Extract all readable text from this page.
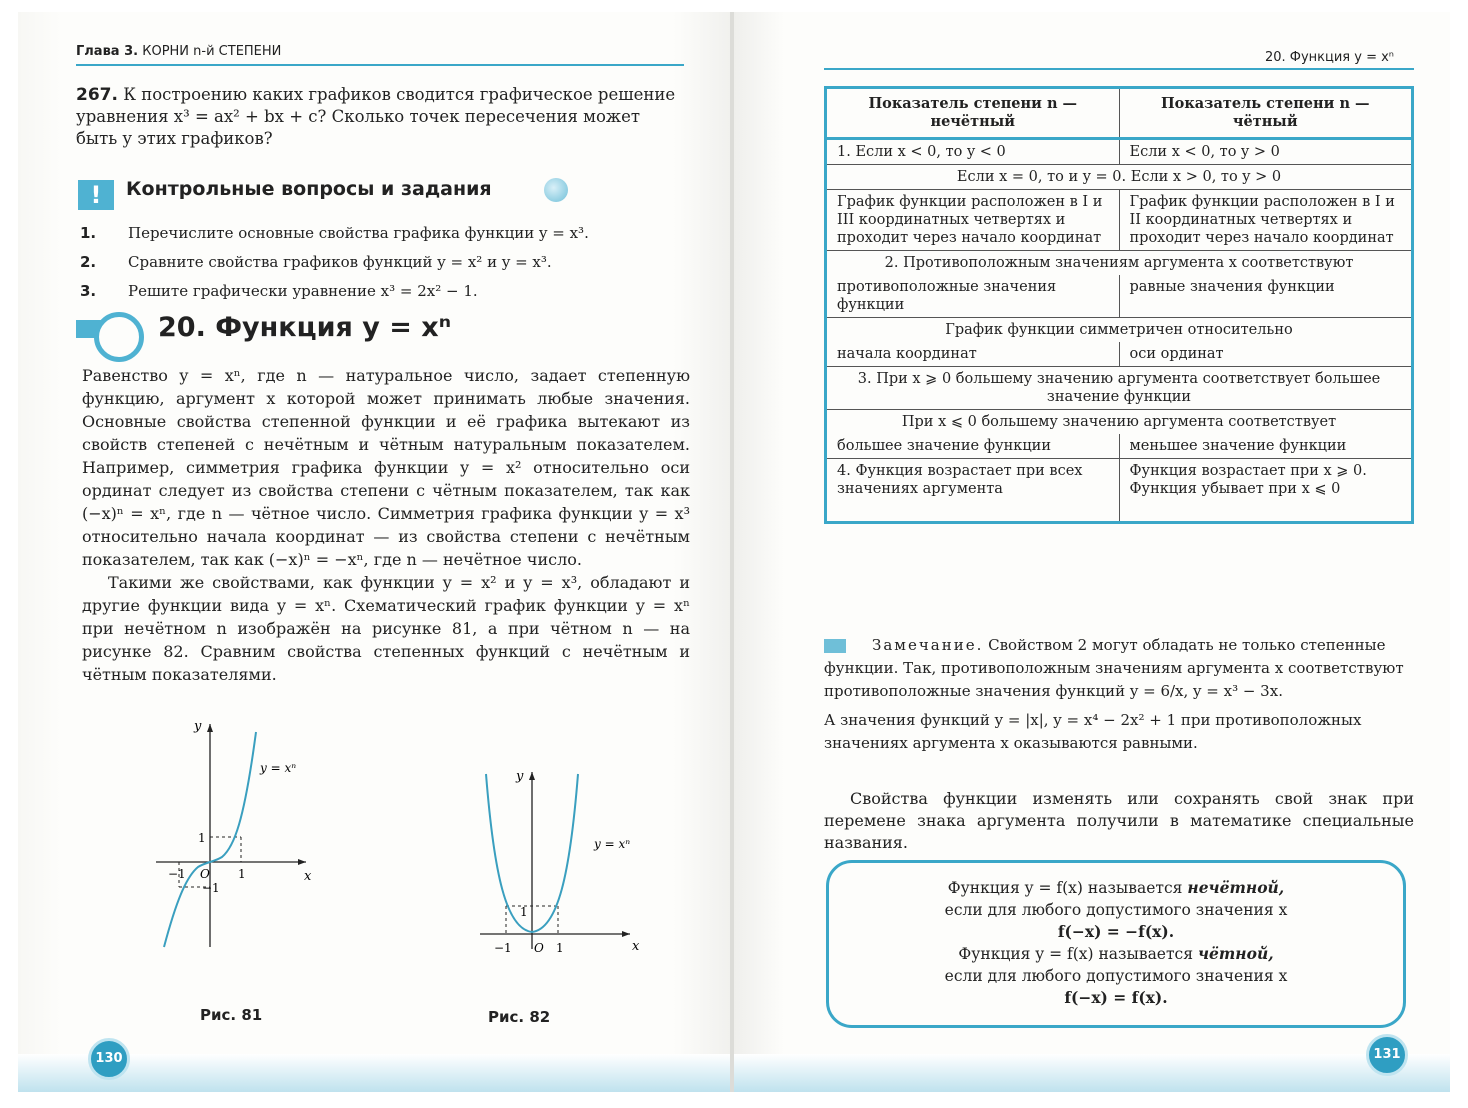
Глава 3. КОРНИ n-й СТЕПЕНИ
267. К построению каких графиков сводится графическое решение уравнения x³ = ax² + bx + c? Сколько точек пересечения может быть у этих графиков?
!	Контрольные вопросы и задания
1.	Перечислите основные свойства графика функции y = x³.
2.	Сравните свойства графиков функций y = x² и y = x³.
3.	Решите графически уравнение x³ = 2x² − 1.
20. Функция y = xⁿ

Равенство y = xⁿ, где n — натуральное число, задает степенную функцию, аргумент x которой может принимать любые значения. Основные свойства степенной функции и её графика вытекают из свойств степеней с нечётным и чётным натуральным показателем. Например, симметрия графика функции y = x² относительно оси ординат следует из свойства степени с чётным показателем, так как (−x)ⁿ = xⁿ, где n — чётное число. Симметрия графика функции y = x³ относительно начала координат — из свойства степени с нечётным показателем, так как (−x)ⁿ = −xⁿ, где n — нечётное число.

Такими же свойствами, как функции y = x² и y = x³, обладают и другие функции вида y = xⁿ. Схематический график функции y = xⁿ при нечётном n изображён на рисунке 81, а при чётном n — на рисунке 82. Сравним свойства степенных функций с нечётным и чётным показателями.

y
x
y = xⁿ
1
−1
−1
1
O
Рис. 81
y
x
y = xⁿ
1
−1	1
O
Рис. 82
130
20. Функция y = xⁿ
Показатель степени n — нечётный	Показатель степени n — чётный
1. Если x < 0, то y < 0	Если x < 0, то y > 0
Если x = 0, то и y = 0. Если x > 0, то y > 0	
График функции расположен в I и III координатных четвертях и проходит через начало координат	График функции расположен в I и II координатных четвертях и проходит через начало координат
2. Противоположным значениям аргумента x соответствуют	
противоположные значения функции	равные значения функции
График функции симметричен относительно	
начала координат	оси ординат
3. При x ⩾ 0 большему значению аргумента соответствует большее значение функции	
При x ⩽ 0 большему значению аргумента соответствует	
большее значение функции	меньшее значение функции
4. Функция возрастает при всех значениях аргумента	Функция возрастает при x ⩾ 0. Функция убывает при x ⩽ 0
Замечание. Свойством 2 могут обладать не только степенные функции. Так, противоположным значениям аргумента x соответствуют противоположные значения функций y = 6/x, y = x³ − 3x.
А значения функций y = |x|, y = x⁴ − 2x² + 1 при противоположных значениях аргумента x оказываются равными.
Свойства функции изменять или сохранять свой знак при перемене знака аргумента получили в математике специальные названия.
Функция y = f(x) называется нечётной,
если для любого допустимого значения x
f(−x) = −f(x).
Функция y = f(x) называется чётной,
если для любого допустимого значения x
f(−x) = f(x).
131
